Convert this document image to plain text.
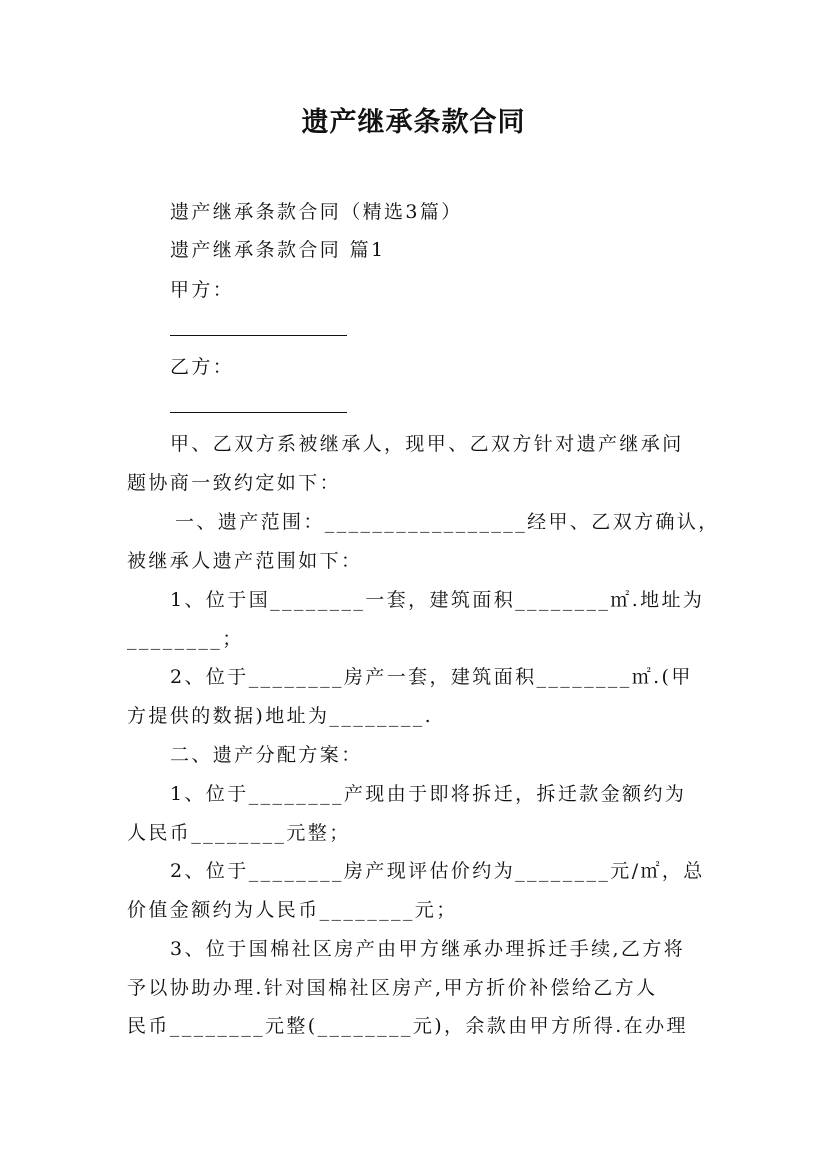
遗产继承条款合同
遗产继承条款合同（精选3篇）
遗产继承条款合同 篇1
甲方：
乙方：
甲、乙双方系被继承人，现甲、乙双方针对遗产继承问
题协商一致约定如下：
一、遗产范围：_________________经甲、乙双方确认，
被继承人遗产范围如下：
1、位于国________一套，建筑面积________㎡.地址为
________；
2、位于________房产一套，建筑面积________㎡.(甲
方提供的数据)地址为________.
二、遗产分配方案：
1、位于________产现由于即将拆迁，拆迁款金额约为
人民币________元整；
2、位于________房产现评估价约为________元/㎡，总
价值金额约为人民币________元；
3、位于国棉社区房产由甲方继承办理拆迁手续,乙方将
予以协助办理.针对国棉社区房产,甲方折价补偿给乙方人
民币________元整(________元)，余款由甲方所得.在办理
